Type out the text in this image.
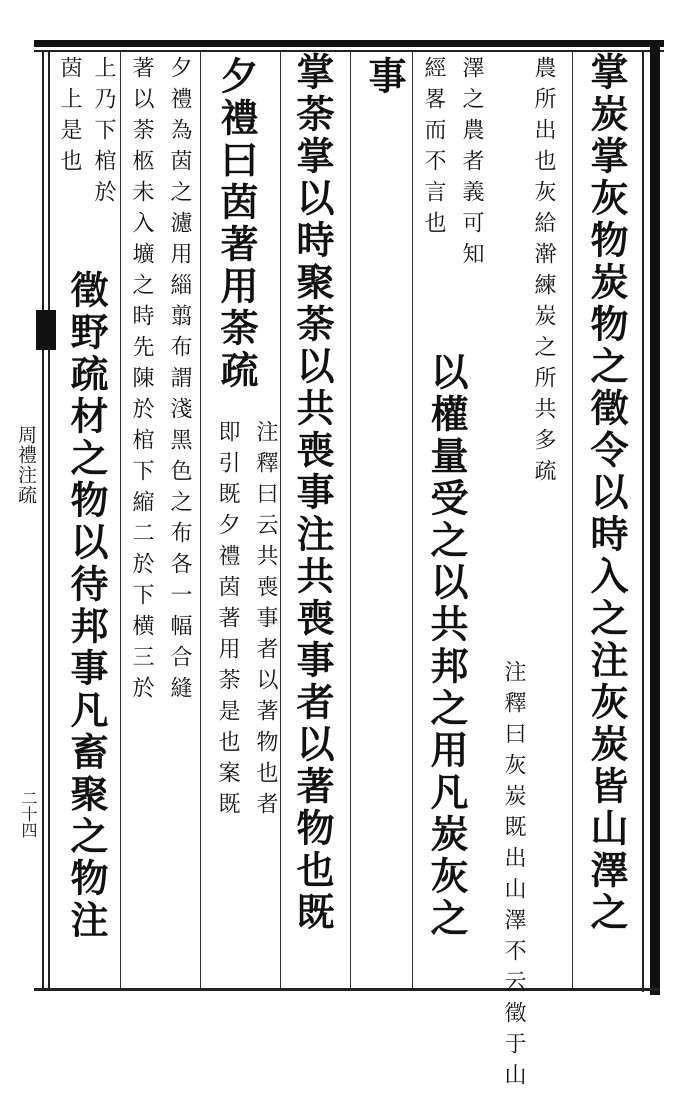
周禮注疏
二十四	掌炭掌灰物炭物之徵令以時入之注灰炭皆山澤之
農所出也灰給澣練炭之所共多疏
注釋曰灰炭既出山澤不云徵于山
澤之農者義可知
以權量受之以共邦之用凡炭灰之
經畧而不言也
事
掌荼掌以時聚荼以共喪事注共喪事者以著物也既
夕禮曰茵著用荼疏
注釋曰云共喪事者以著物也者
即引既夕禮茵著用荼是也案既
夕禮為茵之濾用緇翦布謂淺黑色之布各一幅合縫
著以荼柩未入壙之時先陳於棺下縮二於下横三於
上乃下棺於
徵野疏材之物以待邦事凡畜聚之物注
茵上是也
